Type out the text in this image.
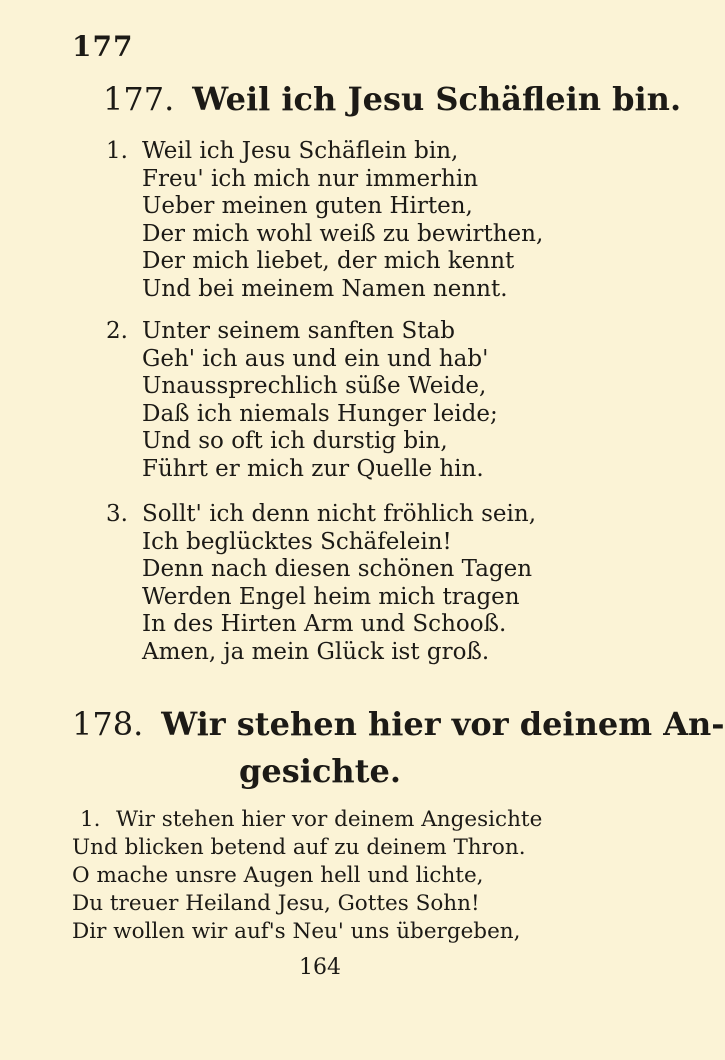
177
177. Weil ich Jesu Schäflein bin.
1. Weil ich Jesu Schäflein bin,
Freu' ich mich nur immerhin
Ueber meinen guten Hirten,
Der mich wohl weiß zu bewirthen,
Der mich liebet, der mich kennt
Und bei meinem Namen nennt.
2. Unter seinem sanften Stab
Geh' ich aus und ein und hab'
Unaussprechlich süße Weide,
Daß ich niemals Hunger leide;
Und so oft ich durstig bin,
Führt er mich zur Quelle hin.
3. Sollt' ich denn nicht fröhlich sein,
Ich beglücktes Schäfelein!
Denn nach diesen schönen Tagen
Werden Engel heim mich tragen
In des Hirten Arm und Schooß.
Amen, ja mein Glück ist groß.
178. Wir stehen hier vor deinem An-
gesichte.
1. Wir stehen hier vor deinem Angesichte
Und blicken betend auf zu deinem Thron.
O mache unsre Augen hell und lichte,
Du treuer Heiland Jesu, Gottes Sohn!
Dir wollen wir auf's Neu' uns übergeben,
164
